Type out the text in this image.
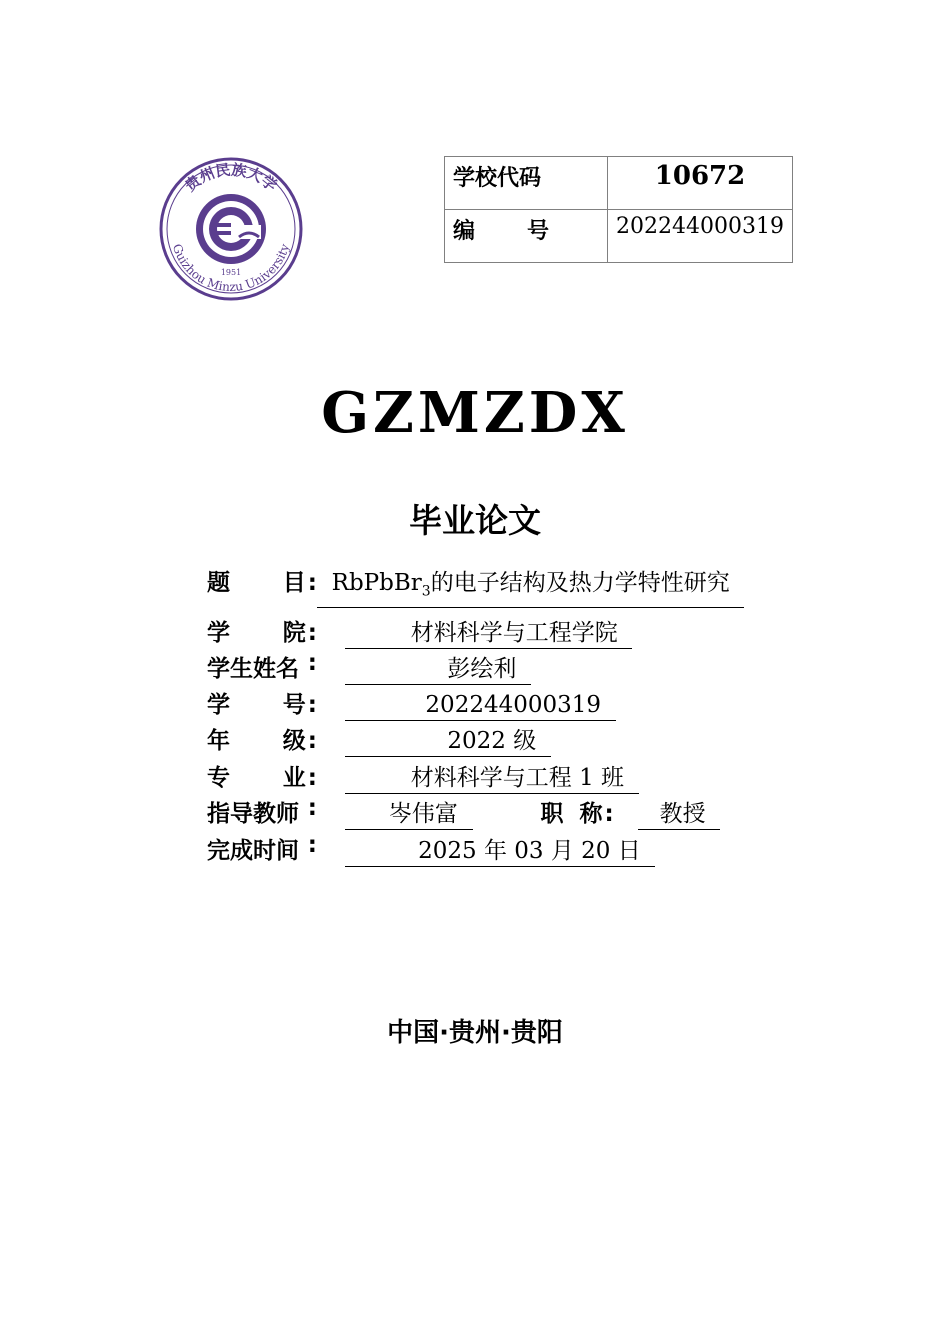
贵州民族大学
Guizhou Minzu University
1951
学校代码	10672

编 号	202244000319
GZMZDX
毕业论文
题 目: RbPbBr$_3$的电子结构及热力学特性研究
学 院: 材料科学与工程学院
学生姓名 : 彭绘利
学 号: 202244000319
年 级: 2022 级
专 业: 材料科学与工程 1 班
指导教师 : 岑伟富	职  称: 教授
完成时间 : 2025 年 03 月 20 日
中国·贵州·贵阳
